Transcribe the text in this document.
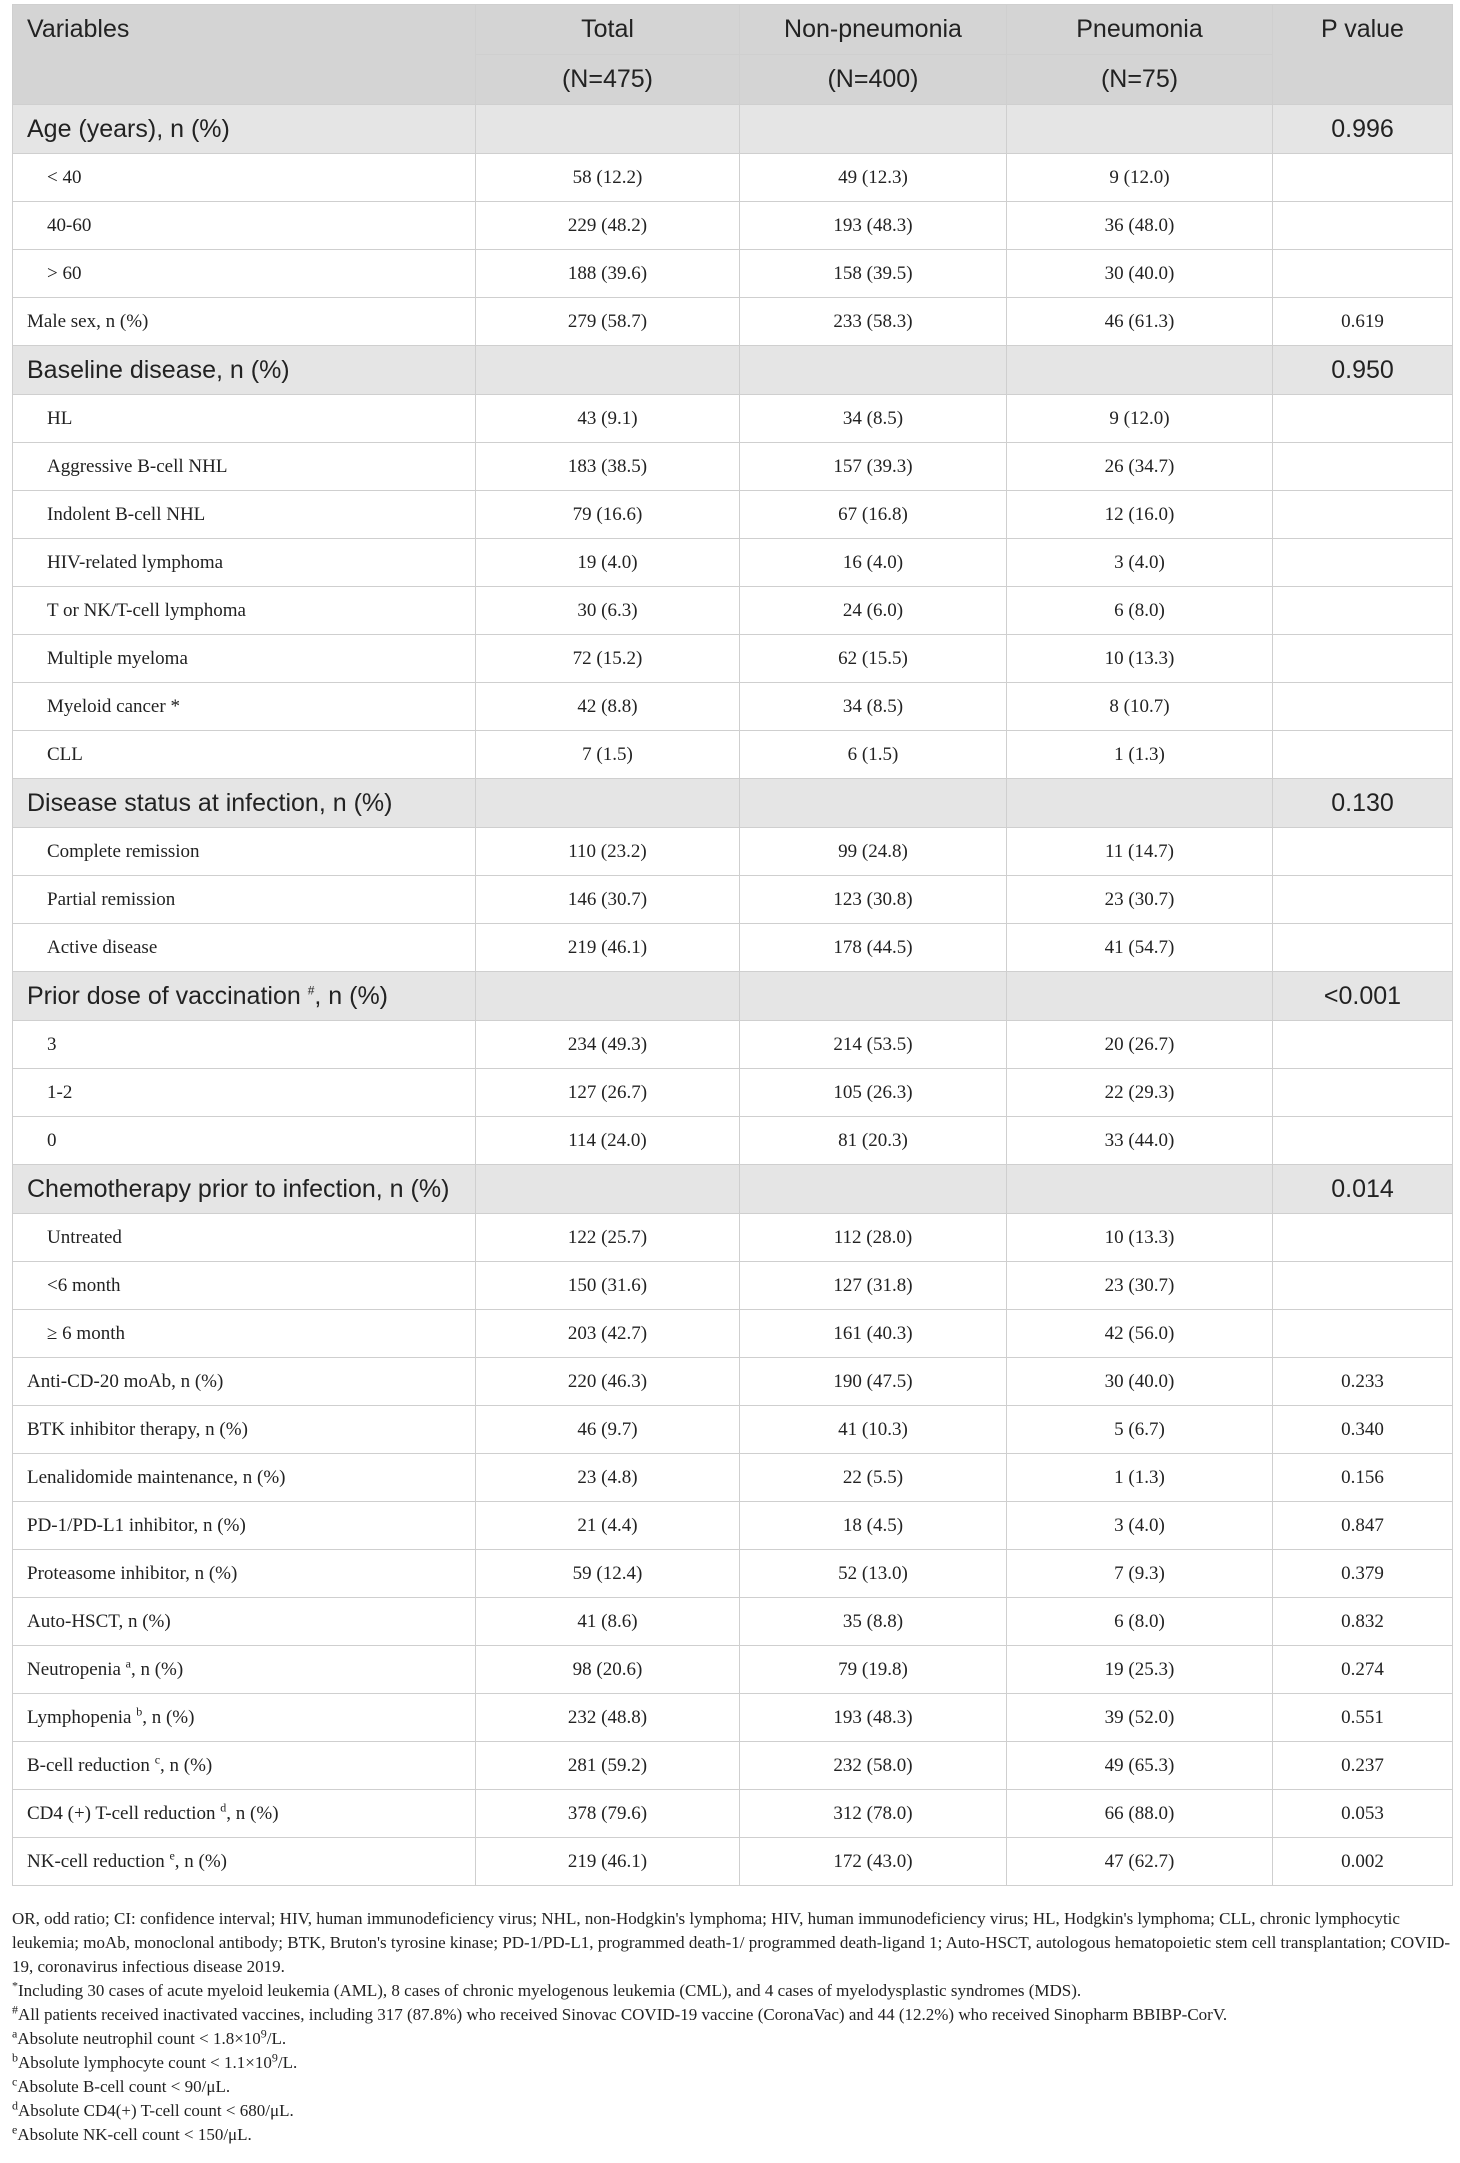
Variables	Total	Non-pneumonia	Pneumonia	P value
	(N=475)	(N=400)	(N=75)	
Age (years), n (%)				0.996
< 40	58 (12.2)	49 (12.3)	9 (12.0)	
40-60	229 (48.2)	193 (48.3)	36 (48.0)	
> 60	188 (39.6)	158 (39.5)	30 (40.0)	
Male sex, n (%)	279 (58.7)	233 (58.3)	46 (61.3)	0.619
Baseline disease, n (%)				0.950
HL	43 (9.1)	34 (8.5)	9 (12.0)	
Aggressive B-cell NHL	183 (38.5)	157 (39.3)	26 (34.7)	
Indolent B-cell NHL	79 (16.6)	67 (16.8)	12 (16.0)	
HIV-related lymphoma	19 (4.0)	16 (4.0)	3 (4.0)	
T or NK/T-cell lymphoma	30 (6.3)	24 (6.0)	6 (8.0)	
Multiple myeloma	72 (15.2)	62 (15.5)	10 (13.3)	
Myeloid cancer *	42 (8.8)	34 (8.5)	8 (10.7)	
CLL	7 (1.5)	6 (1.5)	1 (1.3)	
Disease status at infection, n (%)				0.130
Complete remission	110 (23.2)	99 (24.8)	11 (14.7)	
Partial remission	146 (30.7)	123 (30.8)	23 (30.7)	
Active disease	219 (46.1)	178 (44.5)	41 (54.7)	
Prior dose of vaccination #, n (%)				<0.001
3	234 (49.3)	214 (53.5)	20 (26.7)	
1-2	127 (26.7)	105 (26.3)	22 (29.3)	
0	114 (24.0)	81 (20.3)	33 (44.0)	
Chemotherapy prior to infection, n (%)				0.014
Untreated	122 (25.7)	112 (28.0)	10 (13.3)	
<6 month	150 (31.6)	127 (31.8)	23 (30.7)	
≥ 6 month	203 (42.7)	161 (40.3)	42 (56.0)	
Anti-CD-20 moAb, n (%)	220 (46.3)	190 (47.5)	30 (40.0)	0.233
BTK inhibitor therapy, n (%)	46 (9.7)	41 (10.3)	5 (6.7)	0.340
Lenalidomide maintenance, n (%)	23 (4.8)	22 (5.5)	1 (1.3)	0.156
PD-1/PD-L1 inhibitor, n (%)	21 (4.4)	18 (4.5)	3 (4.0)	0.847
Proteasome inhibitor, n (%)	59 (12.4)	52 (13.0)	7 (9.3)	0.379
Auto-HSCT, n (%)	41 (8.6)	35 (8.8)	6 (8.0)	0.832
Neutropenia $^a$, n (%)	98 (20.6)	79 (19.8)	19 (25.3)	0.274
Lymphopenia $^b$, n (%)	232 (48.8)	193 (48.3)	39 (52.0)	0.551
B-cell reduction $^c$, n (%)	281 (59.2)	232 (58.0)	49 (65.3)	0.237
CD4 (+) T-cell reduction $^d$, n (%)	378 (79.6)	312 (78.0)	66 (88.0)	0.053
NK-cell reduction $^e$, n (%)	219 (46.1)	172 (43.0)	47 (62.7)	0.002

OR, odd ratio; CI: confidence interval; HIV, human immunodeficiency virus; NHL, non-Hodgkin's lymphoma; HIV, human immunodeficiency virus; HL, Hodgkin's lymphoma; CLL, chronic lymphocytic leukemia; moAb, monoclonal antibody; BTK, Bruton's tyrosine kinase; PD-1/PD-L1, programmed death-1/ programmed death-ligand 1; Auto-HSCT, autologous hematopoietic stem cell transplantation; COVID-19, coronavirus infectious disease 2019.

*Including 30 cases of acute myeloid leukemia (AML), 8 cases of chronic myelogenous leukemia (CML), and 4 cases of myelodysplastic syndromes (MDS).

#All patients received inactivated vaccines, including 317 (87.8%) who received Sinovac COVID-19 vaccine (CoronaVac) and 44 (12.2%) who received Sinopharm BBIBP-CorV.

$^a$Absolute neutrophil count < $1.8\times 10^9/L$.

$^b$Absolute lymphocyte count < $1.1\times 10^9/L$.

$^c$Absolute B-cell count < 90/μL.

$^d$Absolute CD4(+) T-cell count < 680/μL.

$^e$Absolute NK-cell count < 150/μL.
